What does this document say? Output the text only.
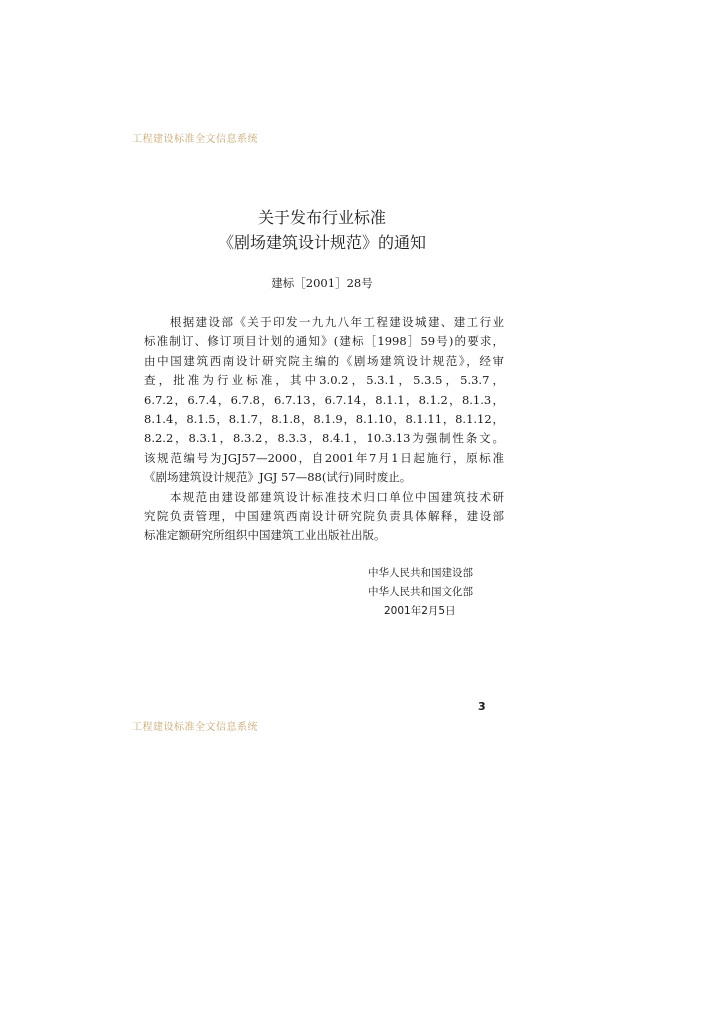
工程建设标准全文信息系统
关于发布行业标准
《剧场建筑设计规范》的通知
建标［2001］28号
　　根据建设部《关于印发一九九八年工程建设城建、建工行业
标准制订、修订项目计划的通知》(建标［1998］59号)的要求，
由中国建筑西南设计研究院主编的《剧场建筑设计规范》，经审
查，批准为行业标准，其中3.0.2，5.3.1，5.3.5，5.3.7，
6.7.2，6.7.4，6.7.8，6.7.13，6.7.14，8.1.1，8.1.2，8.1.3，
8.1.4，8.1.5，8.1.7，8.1.8，8.1.9，8.1.10，8.1.11，8.1.12，
8.2.2，8.3.1，8.3.2，8.3.3，8.4.1，10.3.13为强制性条文。
该规范编号为JGJ57—2000，自2001年7月1日起施行，原标准
《剧场建筑设计规范》JGJ 57—88(试行)同时废止。
　　本规范由建设部建筑设计标准技术归口单位中国建筑技术研
究院负责管理，中国建筑西南设计研究院负责具体解释，建设部
标准定额研究所组织中国建筑工业出版社出版。
中华人民共和国建设部
中华人民共和国文化部
2001年2月5日
3
工程建设标准全文信息系统
